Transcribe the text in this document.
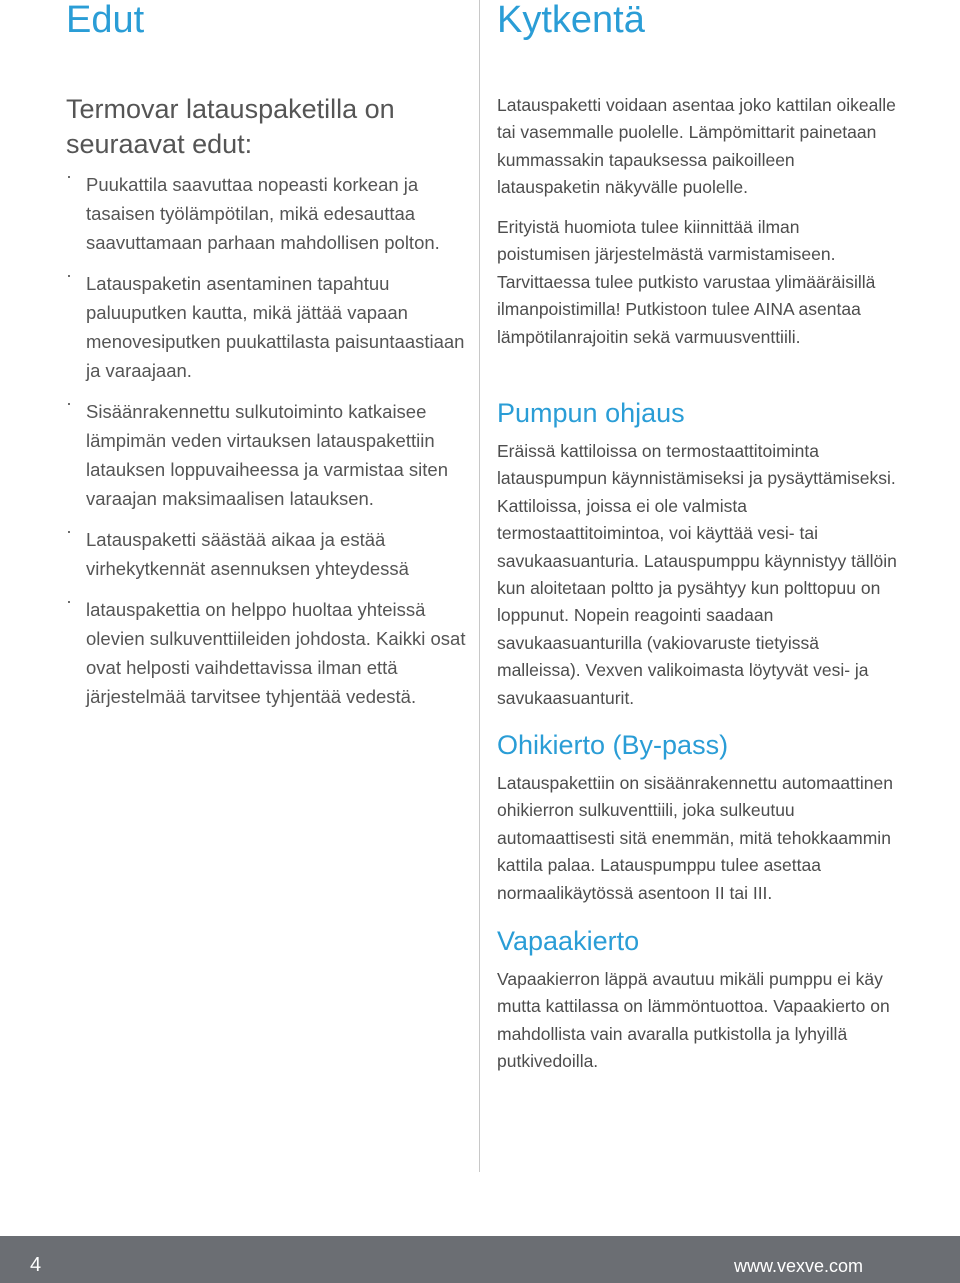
Edut
Termovar latauspaketilla on seuraavat edut:
· Puukattila saavuttaa nopeasti korkean ja tasaisen työlämpötilan, mikä edesauttaa saavuttamaan parhaan mahdollisen polton.
· Latauspaketin asentaminen tapahtuu paluuputken kautta, mikä jättää vapaan menovesiputken puukattilasta paisuntaastiaan ja varaajaan.
· Sisäänrakennettu sulkutoiminto katkaisee lämpimän veden virtauksen latauspakettiin latauksen loppuvaiheessa ja varmistaa siten varaajan maksimaalisen latauksen.
· Latauspaketti säästää aikaa ja estää virhekytkennät asennuksen yhteydessä
· latauspakettia on helppo huoltaa yhteissä olevien sulkuventtiileiden johdosta. Kaikki osat ovat helposti vaihdettavissa ilman että järjestelmää tarvitsee tyhjentää vedestä.
Kytkentä
Latauspaketti voidaan asentaa joko kattilan oikealle tai vasemmalle puolelle. Lämpömittarit painetaan kummassakin tapauksessa paikoilleen latauspaketin näkyvälle puolelle.
Erityistä huomiota tulee kiinnittää ilman poistumisen järjestelmästä varmistamiseen. Tarvittaessa tulee putkisto varustaa ylimääräisillä ilmanpoistimilla! Putkistoon tulee AINA asentaa lämpötilanrajoitin sekä varmuusventtiili.
Pumpun ohjaus
Eräissä kattiloissa on termostaattitoiminta latauspumpun käynnistämiseksi ja pysäyttämiseksi. Kattiloissa, joissa ei ole valmista termostaattitoimintoa, voi käyttää vesi- tai savukaasuanturia. Latauspumppu käynnistyy tällöin kun aloitetaan poltto ja pysähtyy kun polttopuu on loppunut. Nopein reagointi saadaan savukaasuanturilla (vakiovaruste tietyissä malleissa). Vexven valikoimasta löytyvät vesi- ja savukaasuanturit.
Ohikierto (By-pass)
Latauspakettiin on sisäänrakennettu automaattinen ohikierron sulkuventtiili, joka sulkeutuu automaattisesti sitä enemmän, mitä tehokkaammin kattila palaa. Latauspumppu tulee asettaa normaalikäytössä asentoon II tai III.
Vapaakierto
Vapaakierron läppä avautuu mikäli pumppu ei käy mutta kattilassa on lämmöntuottoa. Vapaakierto on mahdollista vain avaralla putkistolla ja lyhyillä putkivedoilla.
4	www.vexve.com
